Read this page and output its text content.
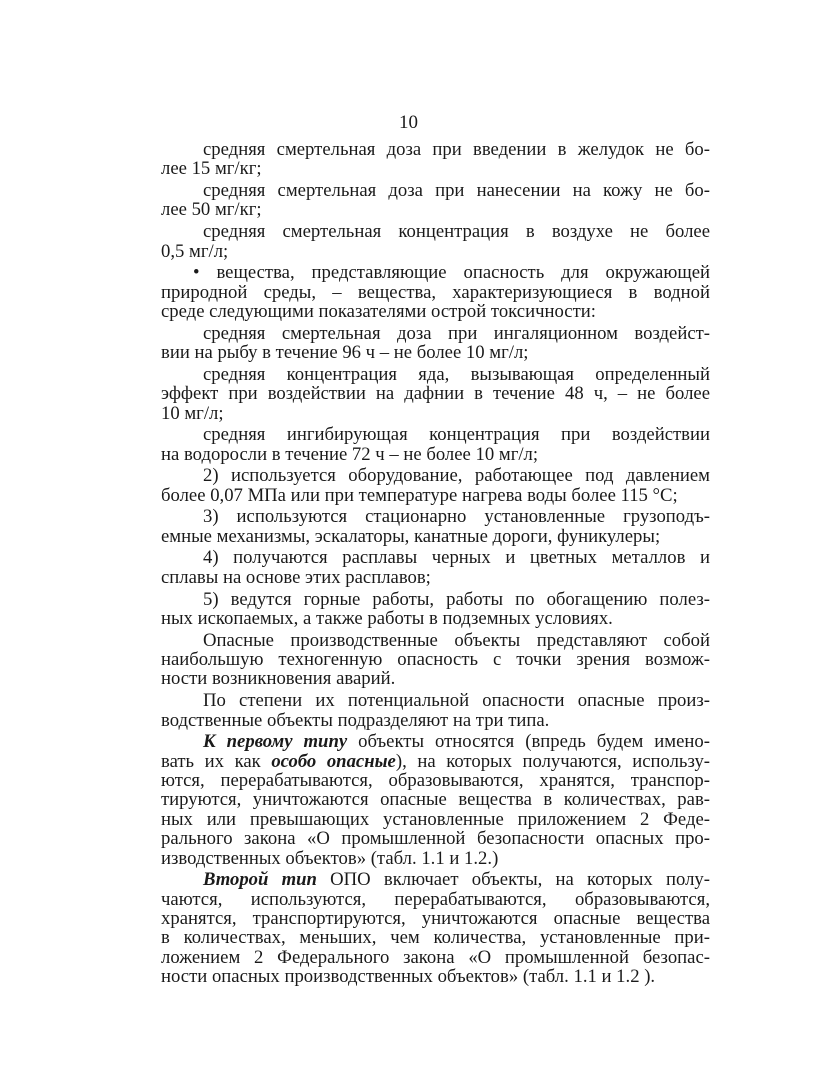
10
средняя смертельная доза при введении в желудок не бо-
лее 15 мг/кг;
средняя смертельная доза при нанесении на кожу не бо-
лее 50 мг/кг;
средняя смертельная концентрация в воздухе не более
0,5 мг/л;
• вещества, представляющие опасность для окружающей
природной среды, – вещества, характеризующиеся в водной
среде следующими показателями острой токсичности:
средняя смертельная доза при ингаляционном воздейст-
вии на рыбу в течение 96 ч – не более 10 мг/л;
средняя концентрация яда, вызывающая определенный
эффект при воздействии на дафнии в течение 48 ч, – не более
10 мг/л;
средняя ингибирующая концентрация при воздействии
на водоросли в течение 72 ч – не более 10 мг/л;
2) используется оборудование, работающее под давлением
более 0,07 МПа или при температуре нагрева воды более 115 °С;
3) используются стационарно установленные грузоподъ-
емные механизмы, эскалаторы, канатные дороги, фуникулеры;
4) получаются расплавы черных и цветных металлов и
сплавы на основе этих расплавов;
5) ведутся горные работы, работы по обогащению полез-
ных ископаемых, а также работы в подземных условиях.
Опасные производственные объекты представляют собой
наибольшую техногенную опасность с точки зрения возмож-
ности возникновения аварий.
По степени их потенциальной опасности опасные произ-
водственные объекты подразделяют на три типа.
К первому типу объекты относятся (впредь будем имено-
вать их как особо опасные), на которых получаются, использу-
ются, перерабатываются, образовываются, хранятся, транспор-
тируются, уничтожаются опасные вещества в количествах, рав-
ных или превышающих установленные приложением 2 Феде-
рального закона «О промышленной безопасности опасных про-
изводственных объектов» (табл. 1.1 и 1.2.)
Второй тип ОПО включает объекты, на которых полу-
чаются, используются, перерабатываются, образовываются,
хранятся, транспортируются, уничтожаются опасные вещества
в количествах, меньших, чем количества, установленные при-
ложением 2 Федерального закона «О промышленной безопас-
ности опасных производственных объектов» (табл. 1.1 и 1.2 ).
